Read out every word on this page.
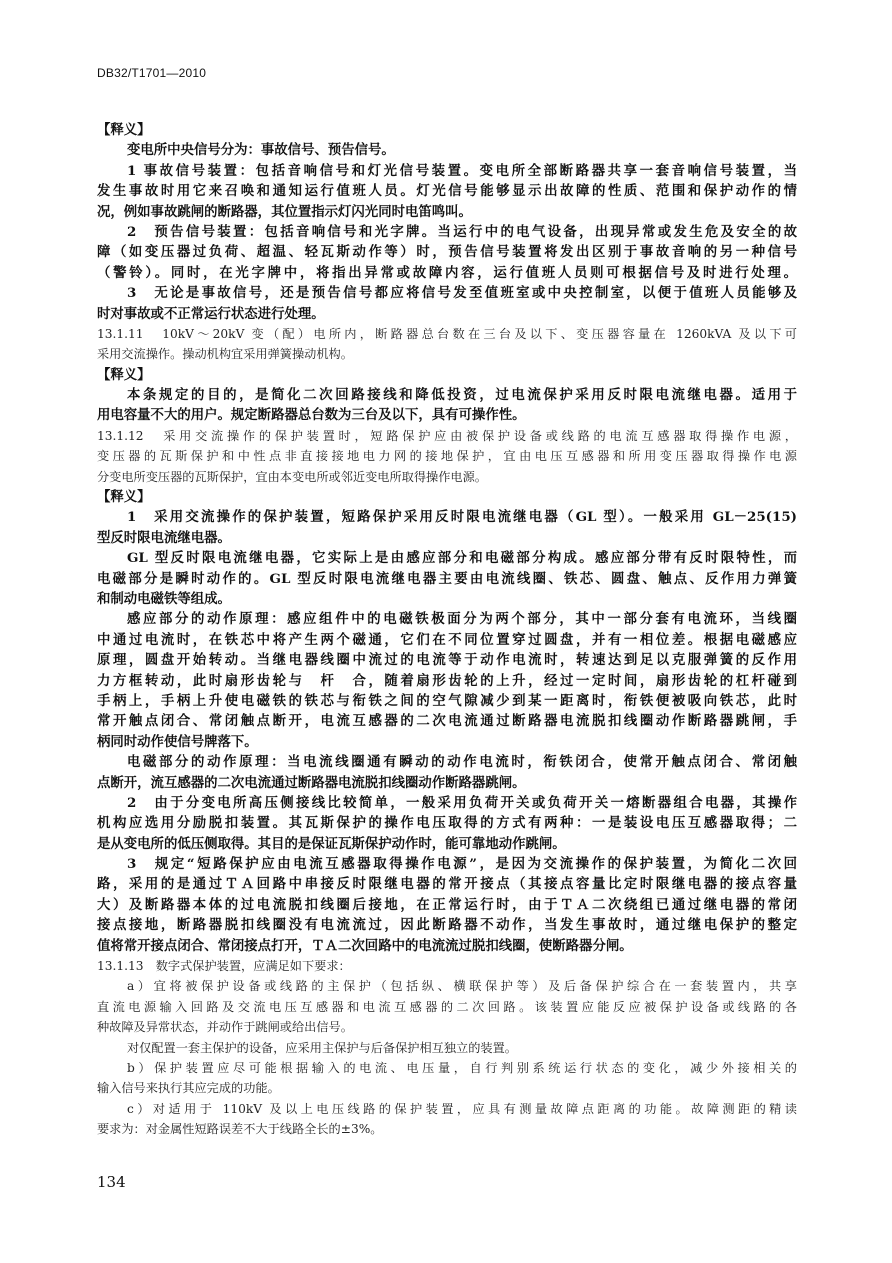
DB32/T1701—2010
【释义】
变电所中央信号分为：事故信号、预告信号。
1 事故信号装置：包括音响信号和灯光信号装置。变电所全部断路器共享一套音响信号装置，当
发生事故时用它来召唤和通知运行值班人员。灯光信号能够显示出故障的性质、范围和保护动作的情
况，例如事故跳闸的断路器，其位置指示灯闪光同时电笛鸣叫。
2　预告信号装置：包括音响信号和光字牌。当运行中的电气设备，出现异常或发生危及安全的故
障（如变压器过负荷、超温、轻瓦斯动作等）时，预告信号装置将发出区别于事故音响的另一种信号
（警铃）。同时，在光字牌中，将指出异常或故障内容，运行值班人员则可根据信号及时进行处理。
3　无论是事故信号，还是预告信号都应将信号发至值班室或中央控制室，以便于值班人员能够及
时对事故或不正常运行状态进行处理。
13.1.11　10kV～20kV 变（配）电所内，断路器总台数在三台及以下、变压器容量在 1260kVA 及以下可
采用交流操作。操动机构宜采用弹簧操动机构。
【释义】
本条规定的目的，是简化二次回路接线和降低投资，过电流保护采用反时限电流继电器。适用于
用电容量不大的用户。规定断路器总台数为三台及以下，具有可操作性。
13.1.12　采用交流操作的保护装置时，短路保护应由被保护设备或线路的电流互感器取得操作电源，
变压器的瓦斯保护和中性点非直接接地电力网的接地保护，宜由电压互感器和所用变压器取得操作电源
分变电所变压器的瓦斯保护，宜由本变电所或邻近变电所取得操作电源。
【释义】
1　采用交流操作的保护装置，短路保护采用反时限电流继电器（GL 型）。一般采用 GL－25(15)
型反时限电流继电器。
GL 型反时限电流继电器，它实际上是由感应部分和电磁部分构成。感应部分带有反时限特性，而
电磁部分是瞬时动作的。GL 型反时限电流继电器主要由电流线圈、铁芯、圆盘、触点、反作用力弹簧
和制动电磁铁等组成。
感应部分的动作原理：感应组件中的电磁铁极面分为两个部分，其中一部分套有电流环，当线圈
中通过电流时，在铁芯中将产生两个磁通，它们在不同位置穿过圆盘，并有一相位差。根据电磁感应
原理，圆盘开始转动。当继电器线圈中流过的电流等于动作电流时，转速达到足以克服弹簧的反作用
力方框转动，此时扇形齿轮与　杆　合，随着扇形齿轮的上升，经过一定时间，扇形齿轮的杠杆碰到
手柄上，手柄上升使电磁铁的铁芯与衔铁之间的空气隙减少到某一距离时，衔铁便被吸向铁芯，此时
常开触点闭合、常闭触点断开，电流互感器的二次电流通过断路器电流脱扣线圈动作断路器跳闸，手
柄同时动作使信号牌落下。
电磁部分的动作原理：当电流线圈通有瞬动的动作电流时，衔铁闭合，使常开触点闭合、常闭触
点断开，流互感器的二次电流通过断路器电流脱扣线圈动作断路器跳闸。
2　由于分变电所高压侧接线比较简单，一般采用负荷开关或负荷开关一熔断器组合电器，其操作
机构应选用分励脱扣装置。其瓦斯保护的操作电压取得的方式有两种：一是装设电压互感器取得；二
是从变电所的低压侧取得。其目的是保证瓦斯保护动作时，能可靠地动作跳闸。
3　规定“短路保护应由电流互感器取得操作电源”，是因为交流操作的保护装置，为简化二次回
路，采用的是通过ＴＡ回路中串接反时限继电器的常开接点（其接点容量比定时限继电器的接点容量
大）及断路器本体的过电流脱扣线圈后接地，在正常运行时，由于ＴＡ二次绕组已通过继电器的常闭
接点接地，断路器脱扣线圈没有电流流过，因此断路器不动作，当发生事故时，通过继电保护的整定
值将常开接点闭合、常闭接点打开，ＴＡ二次回路中的电流流过脱扣线圈，使断路器分闸。
13.1.13　数字式保护装置，应满足如下要求：
a）宜将被保护设备或线路的主保护（包括纵、横联保护等）及后备保护综合在一套装置内，共享
直流电源输入回路及交流电压互感器和电流互感器的二次回路。该装置应能反应被保护设备或线路的各
种故障及异常状态，并动作于跳闸或给出信号。
对仅配置一套主保护的设备，应采用主保护与后备保护相互独立的装置。
b）保护装置应尽可能根据输入的电流、电压量，自行判别系统运行状态的变化，减少外接相关的
输入信号来执行其应完成的功能。
c）对适用于 110kV 及以上电压线路的保护装置，应具有测量故障点距离的功能。故障测距的精读
要求为：对金属性短路误差不大于线路全长的±3%。
134
